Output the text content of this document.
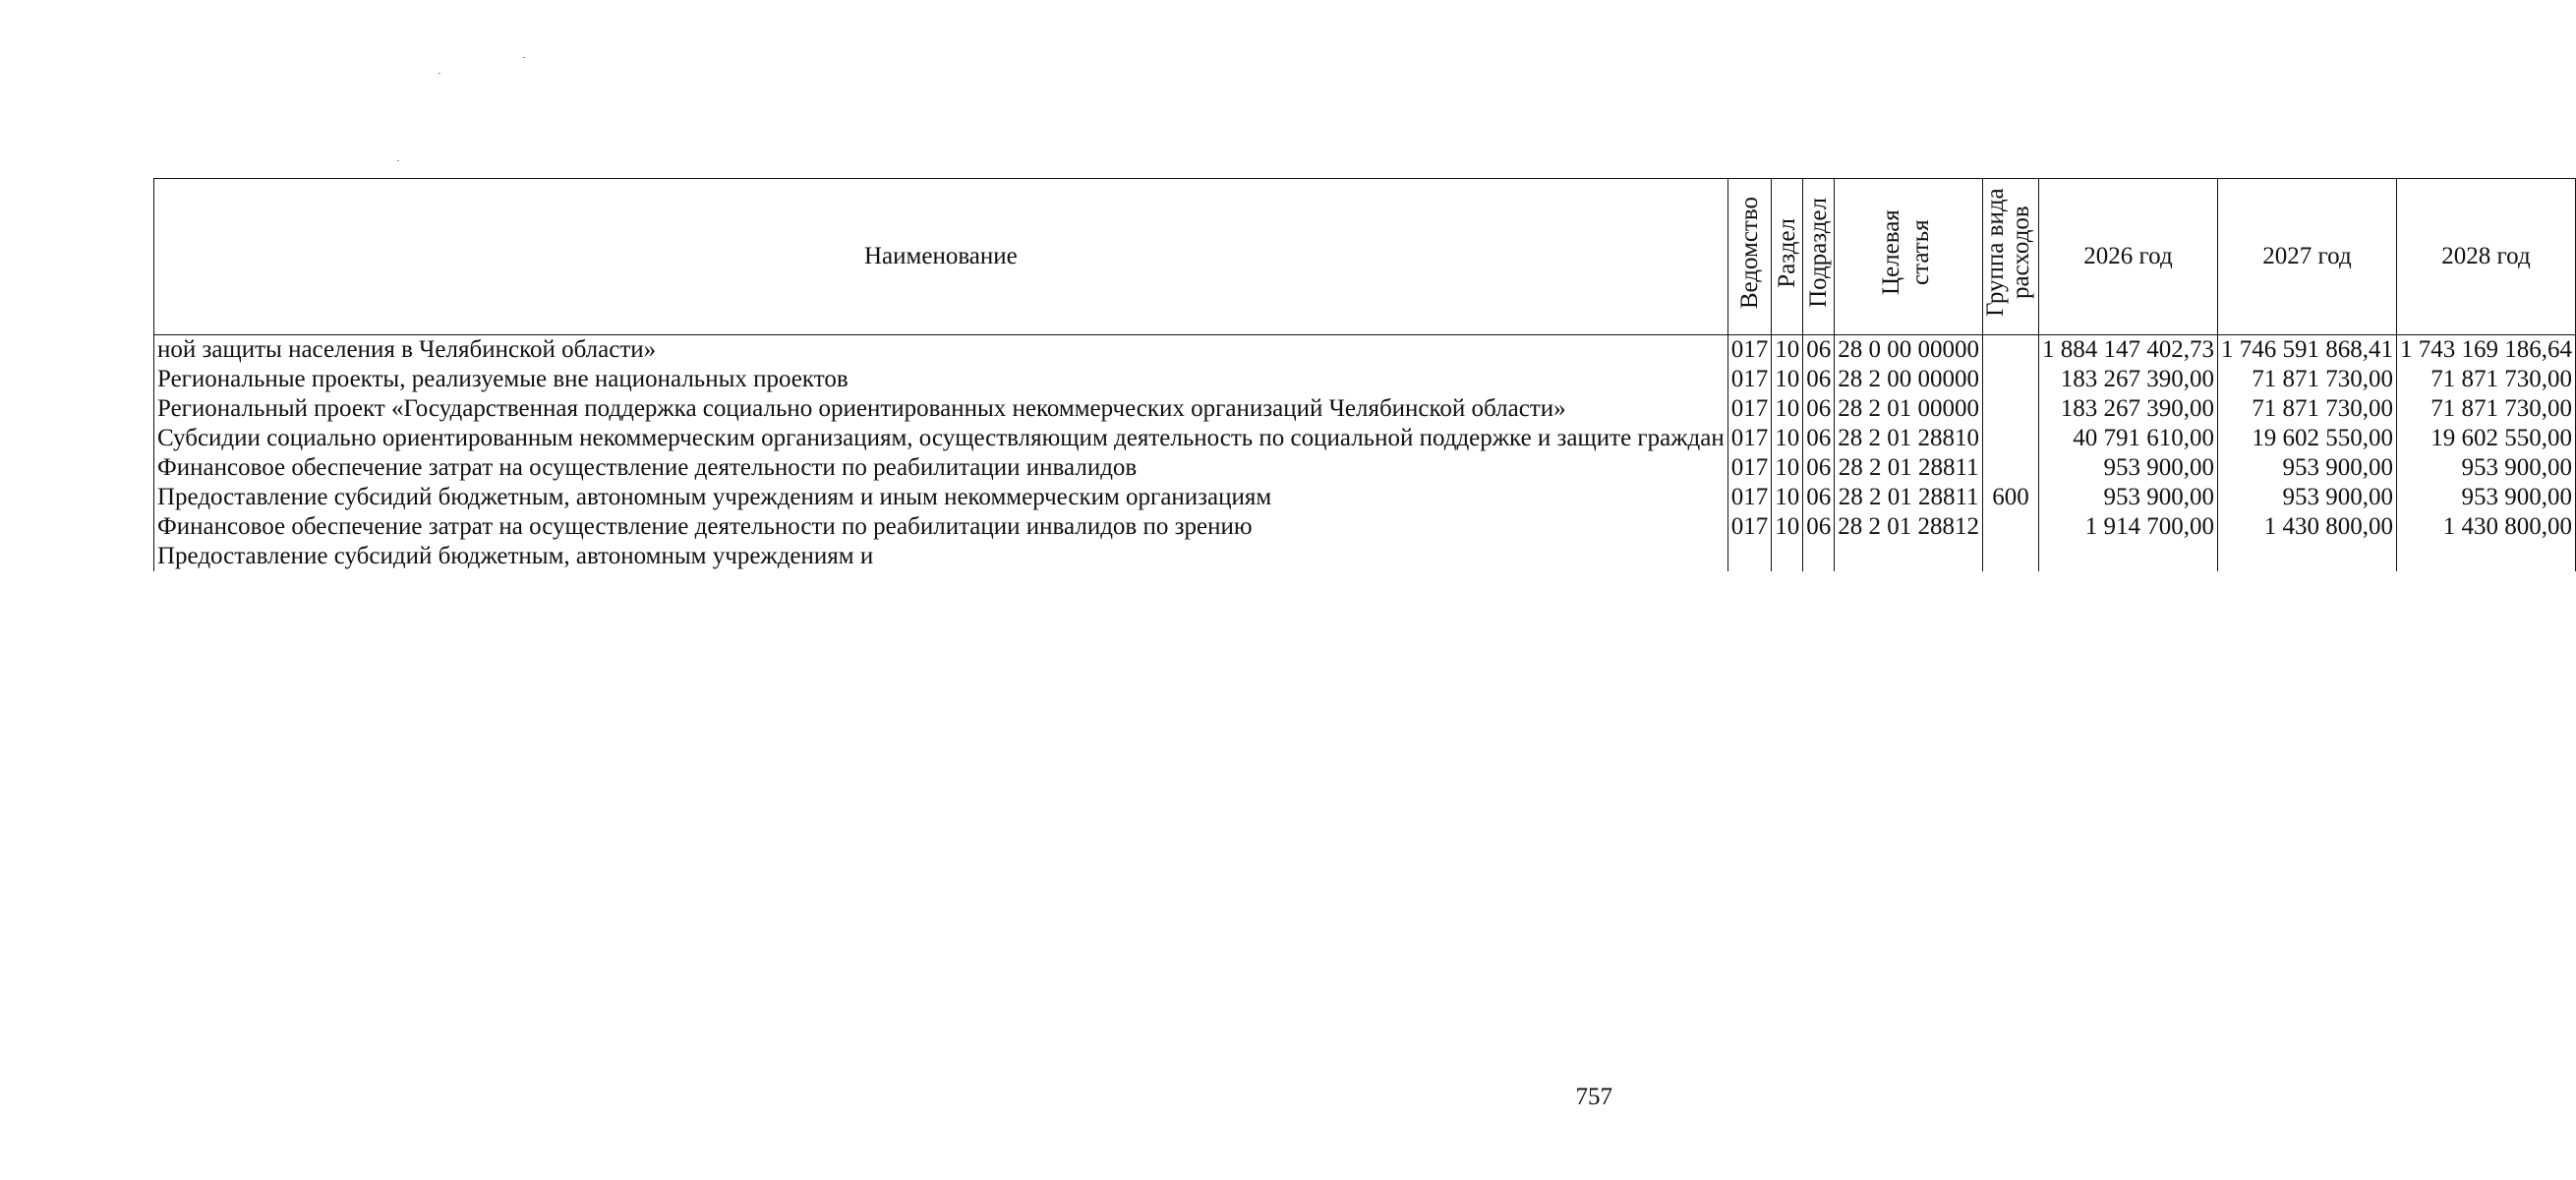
Наименование	Ведомство	Раздел	Подраздел	Целевая статья	Группа вида расходов	2026 год	2027 год	2028 год
ной защиты населения в Челябинской области»	017	10	06	28 0 00 00000		1 884 147 402,73	1 746 591 868,41	1 743 169 186,64
Региональные проекты, реализуемые вне национальных проектов	017	10	06	28 2 00 00000		183 267 390,00	71 871 730,00	71 871 730,00
Региональный проект «Государственная поддержка социально ориентированных некоммерческих организаций Челябинской области»	017	10	06	28 2 01 00000		183 267 390,00	71 871 730,00	71 871 730,00
Субсидии социально ориентированным некоммерческим организациям, осуществляющим деятельность по социальной поддержке и защите граждан	017	10	06	28 2 01 28810		40 791 610,00	19 602 550,00	19 602 550,00
Финансовое обеспечение затрат на осуществление деятельности по реабилитации инвалидов	017	10	06	28 2 01 28811		953 900,00	953 900,00	953 900,00
Предоставление субсидий бюджетным, автономным учреждениям и иным некоммерческим организациям	017	10	06	28 2 01 28811	600	953 900,00	953 900,00	953 900,00
Финансовое обеспечение затрат на осуществление деятельности по реабилитации инвалидов по зрению	017	10	06	28 2 01 28812		1 914 700,00	1 430 800,00	1 430 800,00
Предоставление субсидий бюджетным, автономным учреждениям и								
757
